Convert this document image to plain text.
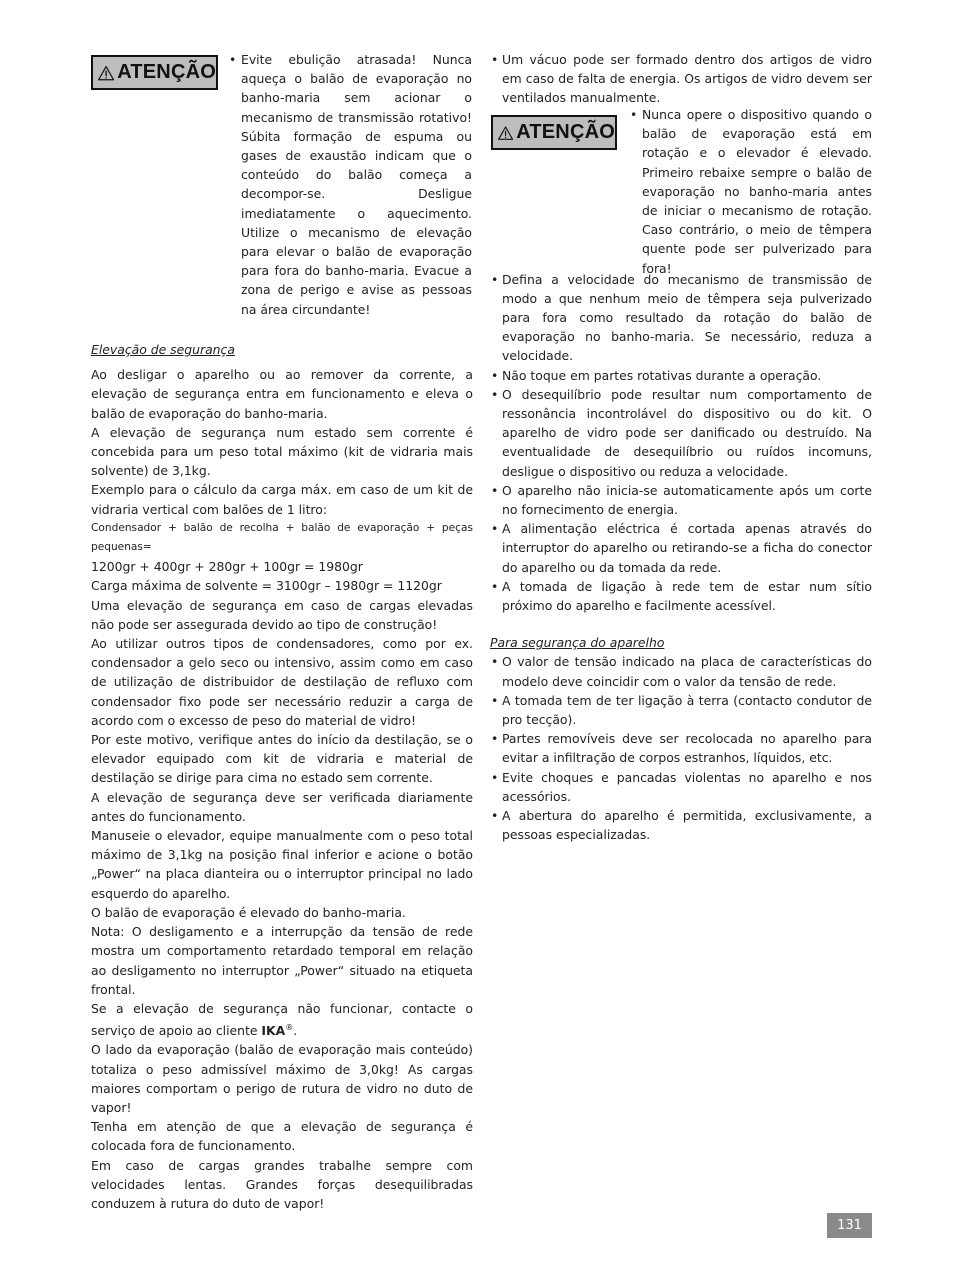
ATENÇÃO
• Evite ebulição atrasada! Nunca aqueça o balão de evaporação no banho-maria sem acionar o mecanismo de transmissão rotativo! Súbita formação de espuma ou gases de exaustão indicam que o conteúdo do balão começa a decompor-se. Desligue imediatamente o aquecimento. Utilize o mecanismo de elevação para elevar o balão de evaporação para fora do banho-maria. Evacue a zona de perigo e avise as pessoas na área circundante!

Elevação de segurança

Ao desligar o aparelho ou ao remover da corrente, a elevação de segurança entra em funcionamento e eleva o balão de evaporação do banho-maria.

A elevação de segurança num estado sem corrente é concebida para um peso total máximo (kit de vidraria mais solvente) de 3,1kg.

Exemplo para o cálculo da carga máx. em caso de um kit de vidraria vertical com balões de 1 litro:

Condensador + balão de recolha + balão de evaporação + peças pequenas=

1200gr + 400gr + 280gr + 100gr = 1980gr

Carga máxima de solvente = 3100gr – 1980gr = 1120gr

Uma elevação de segurança em caso de cargas elevadas não pode ser assegurada devido ao tipo de construção!

Ao utilizar outros tipos de condensadores, como por ex. condensador a gelo seco ou intensivo, assim como em caso de utilização de distribuidor de destilação de refluxo com condensador fixo pode ser necessário reduzir a carga de acordo com o excesso de peso do material de vidro!

Por este motivo, verifique antes do início da destilação, se o elevador equipado com kit de vidraria e material de destilação se dirige para cima no estado sem corrente.

A elevação de segurança deve ser verificada diariamente antes do funcionamento.

Manuseie o elevador, equipe manualmente com o peso total máximo de 3,1kg na posição final inferior e acione o botão „Power“ na placa dianteira ou o interruptor principal no lado esquerdo do aparelho.

O balão de evaporação é elevado do banho-maria.

Nota: O desligamento e a interrupção da tensão de rede mostra um comportamento retardado temporal em relação ao desligamento no interruptor „Power“ situado na etiqueta frontal.

Se a elevação de segurança não funcionar, contacte o serviço de apoio ao cliente IKA®.

O lado da evaporação (balão de evaporação mais conteúdo) totaliza o peso admissível máximo de 3,0kg! As cargas maiores comportam o perigo de rutura de vidro no duto de vapor!

Tenha em atenção de que a elevação de segurança é colocada fora de funcionamento.

Em caso de cargas grandes trabalhe sempre com velocidades lentas. Grandes forças desequilibradas conduzem à rutura do duto de vapor!

• Um vácuo pode ser formado dentro dos artigos de vidro em caso de falta de energia. Os artigos de vidro devem ser ventilados manualmente.
• Defina a velocidade do mecanismo de transmissão de modo a que nenhum meio de têmpera seja pulverizado para fora como resultado da rotação do balão de evaporação no banho-maria. Se necessário, reduza a velocidade.
• Não toque em partes rotativas durante a operação.
• O desequilíbrio pode resultar num comportamento de ressonância incontrolável do dispositivo ou do kit. O aparelho de vidro pode ser danificado ou destruído. Na eventualidade de desequilíbrio ou ruídos incomuns, desligue o dispositivo ou reduza a velocidade.
• O aparelho não inicia-se automaticamente após um corte no fornecimento de energia.
• A alimentação eléctrica é cortada apenas através do interruptor do aparelho ou retirando-se a ficha do conector do aparelho ou da tomada da rede.
• A tomada de ligação à rede tem de estar num sítio próximo do aparelho e facilmente acessível.

Para segurança do aparelho

• O valor de tensão indicado na placa de características do modelo deve coincidir com o valor da tensão de rede.
• A tomada tem de ter ligação à terra (contacto condutor de pro tecção).
• Partes removíveis deve ser recolocada no aparelho para evitar a infiltração de corpos estranhos, líquidos, etc.
• Evite choques e pancadas violentas no aparelho e nos acessórios.
• A abertura do aparelho é permitida, exclusivamente, a pessoas especializadas.
ATENÇÃO
• Nunca opere o dispositivo quando o balão de evaporação está em rotação e o elevador é elevado. Primeiro rebaixe sempre o balão de evaporação no banho-maria antes de iniciar o mecanismo de rotação. Caso contrário, o meio de têmpera quente pode ser pulverizado para fora!
131
